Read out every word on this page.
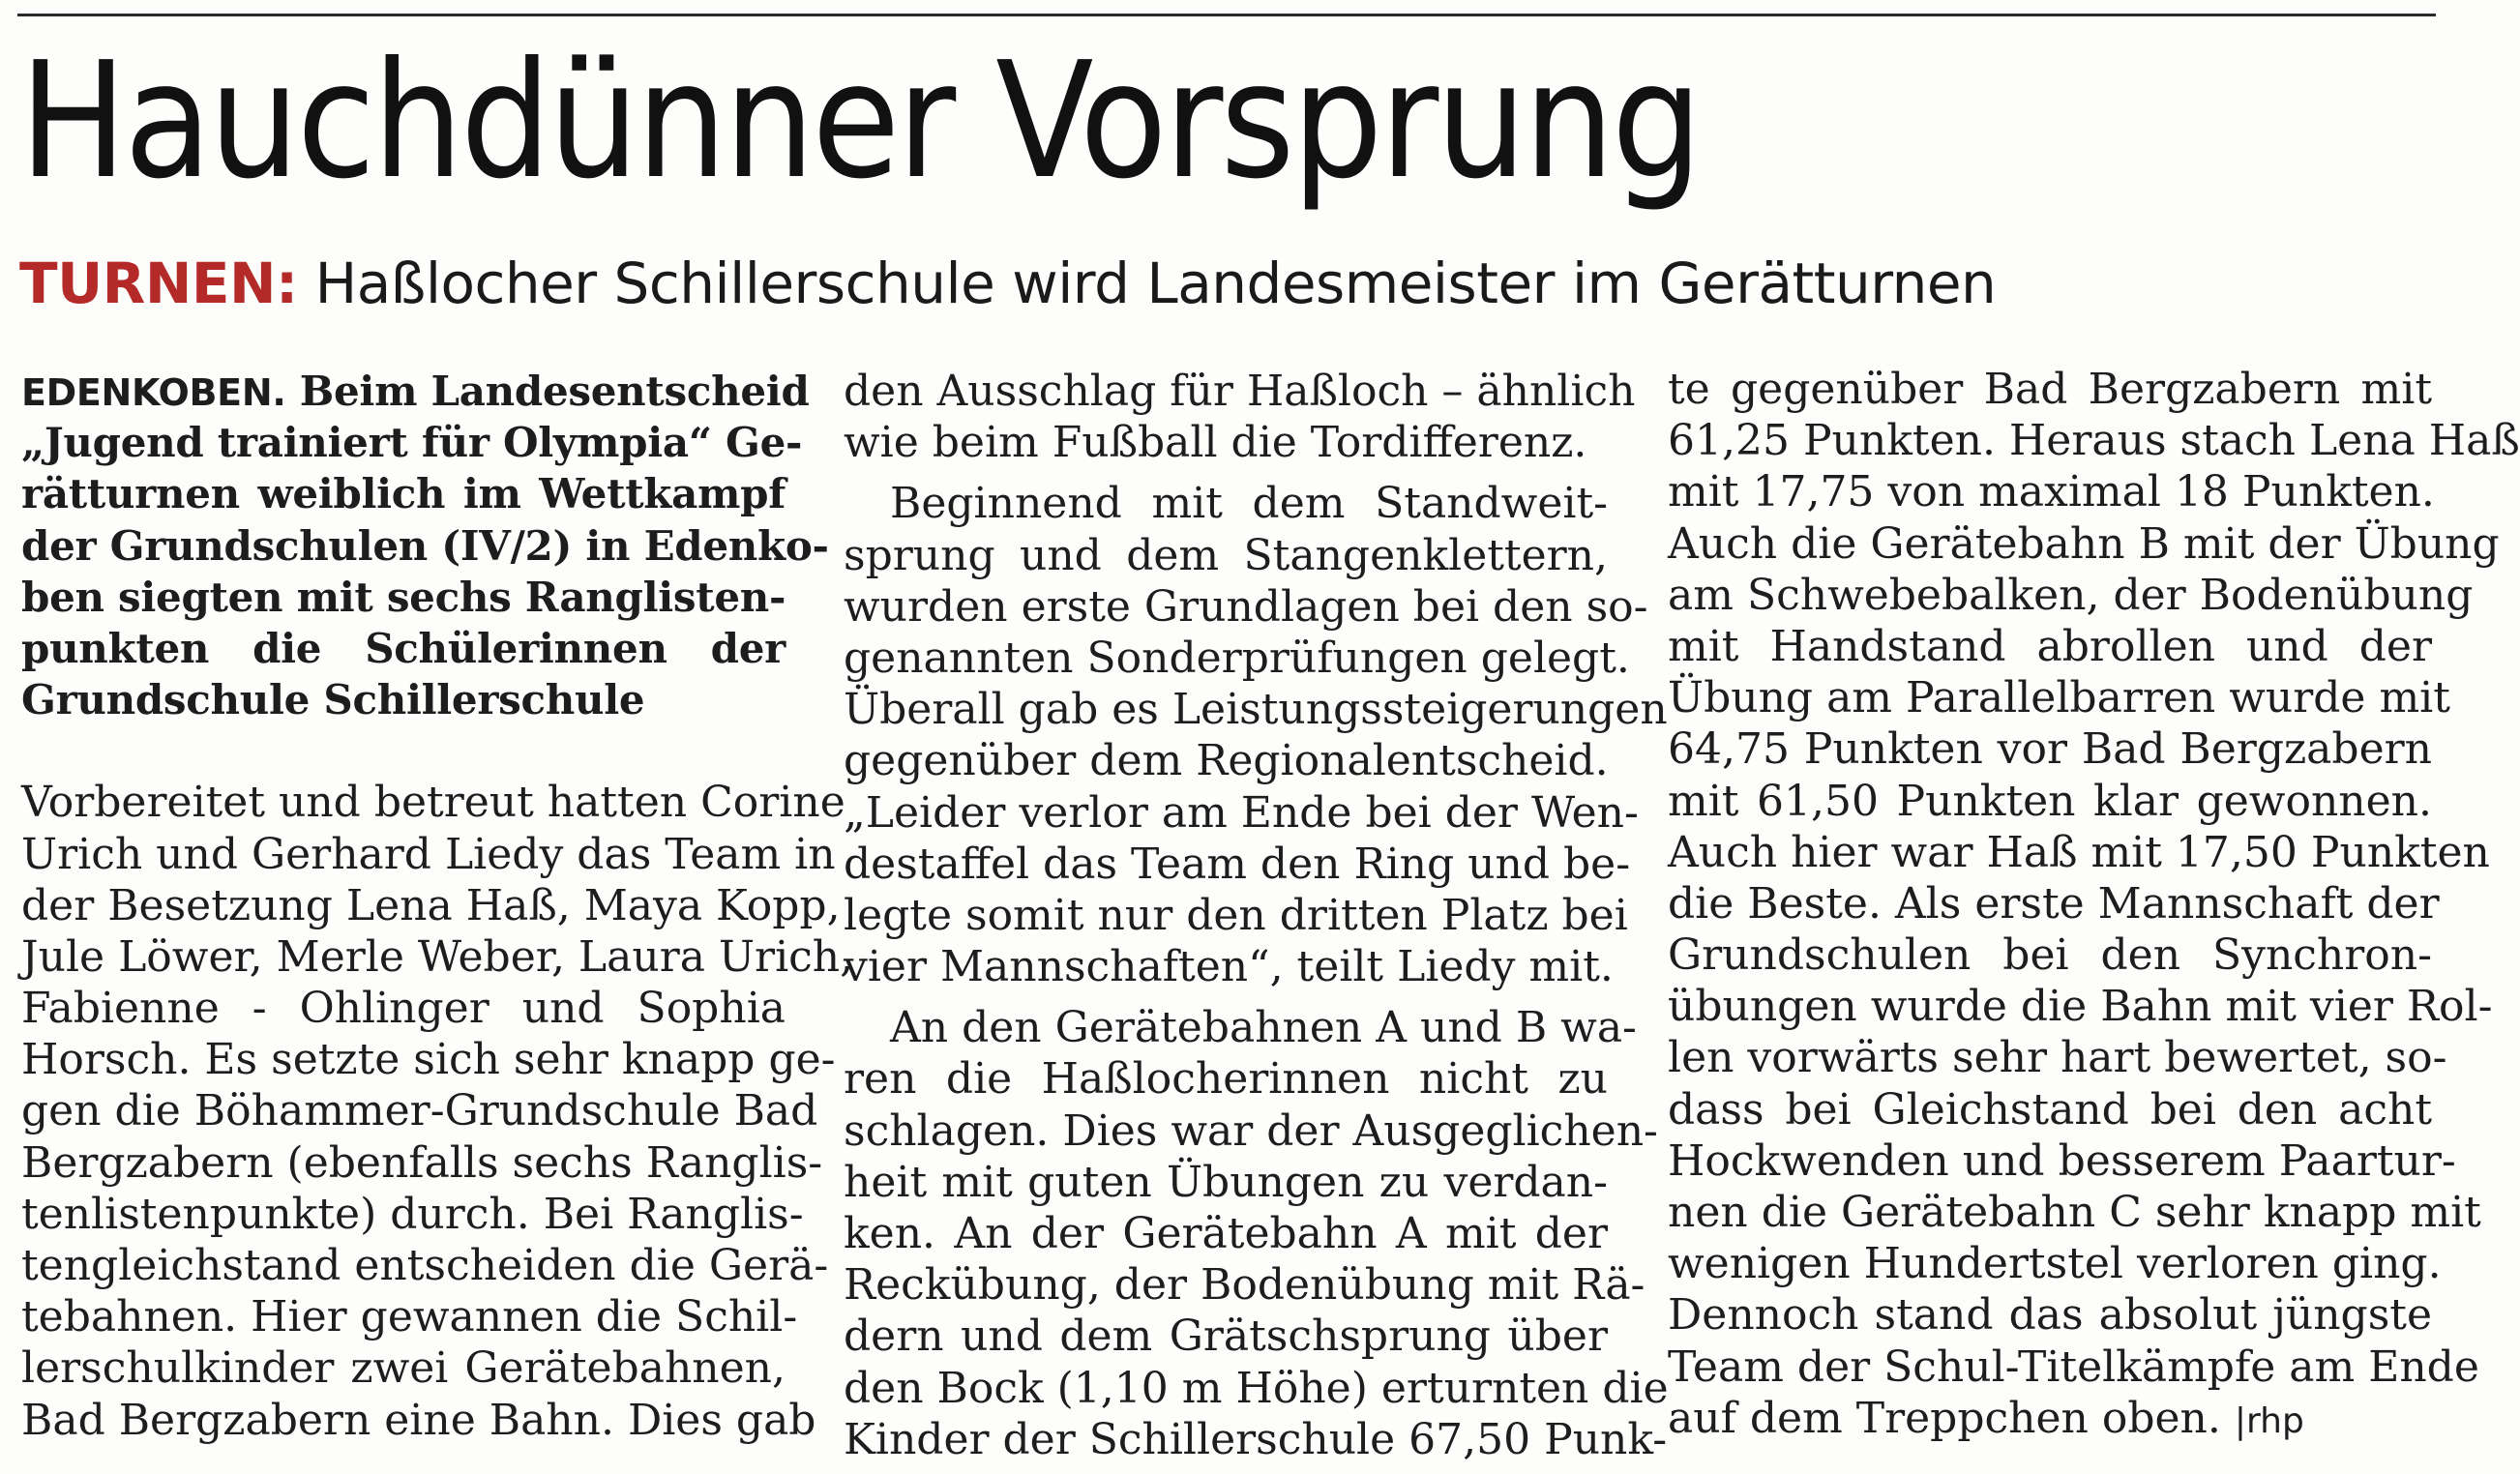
Hauchdünner Vorsprung
TURNEN: Haßlocher Schillerschule wird Landesmeister im Gerätturnen
EDENKOBEN. Beim Landesentscheid
„Jugend trainiert für Olympia“ Ge-
rätturnen weiblich im Wettkampf
der Grundschulen (IV/2) in Edenko-
ben siegten mit sechs Ranglisten-
punkten die Schülerinnen der
Grundschule Schillerschule
Vorbereitet und betreut hatten Corine
Urich und Gerhard Liedy das Team in
der Besetzung Lena Haß, Maya Kopp,
Jule Löwer, Merle Weber, Laura Urich,
Fabienne - Ohlinger und Sophia
Horsch. Es setzte sich sehr knapp ge-
gen die Böhammer-Grundschule Bad
Bergzabern (ebenfalls sechs Ranglis-
tenlistenpunkte) durch. Bei Ranglis-
tengleichstand entscheiden die Gerä-
tebahnen. Hier gewannen die Schil-
lerschulkinder zwei Gerätebahnen,
Bad Bergzabern eine Bahn. Dies gab
den Ausschlag für Haßloch – ähnlich
wie beim Fußball die Tordifferenz.
Beginnend mit dem Standweit-
sprung und dem Stangenklettern,
wurden erste Grundlagen bei den so-
genannten Sonderprüfungen gelegt.
Überall gab es Leistungssteigerungen
gegenüber dem Regionalentscheid.
„Leider verlor am Ende bei der Wen-
destaffel das Team den Ring und be-
legte somit nur den dritten Platz bei
vier Mannschaften“, teilt Liedy mit.
An den Gerätebahnen A und B wa-
ren die Haßlocherinnen nicht zu
schlagen. Dies war der Ausgeglichen-
heit mit guten Übungen zu verdan-
ken. An der Gerätebahn A mit der
Reckübung, der Bodenübung mit Rä-
dern und dem Grätschsprung über
den Bock (1,10 m Höhe) erturnten die
Kinder der Schillerschule 67,50 Punk-
te gegenüber Bad Bergzabern mit
61,25 Punkten. Heraus stach Lena Haß
mit 17,75 von maximal 18 Punkten.
Auch die Gerätebahn B mit der Übung
am Schwebebalken, der Bodenübung
mit Handstand abrollen und der
Übung am Parallelbarren wurde mit
64,75 Punkten vor Bad Bergzabern
mit 61,50 Punkten klar gewonnen.
Auch hier war Haß mit 17,50 Punkten
die Beste. Als erste Mannschaft der
Grundschulen bei den Synchron-
übungen wurde die Bahn mit vier Rol-
len vorwärts sehr hart bewertet, so-
dass bei Gleichstand bei den acht
Hockwenden und besserem Paartur-
nen die Gerätebahn C sehr knapp mit
wenigen Hundertstel verloren ging.
Dennoch stand das absolut jüngste
Team der Schul-Titelkämpfe am Ende
auf dem Treppchen oben. |rhp
